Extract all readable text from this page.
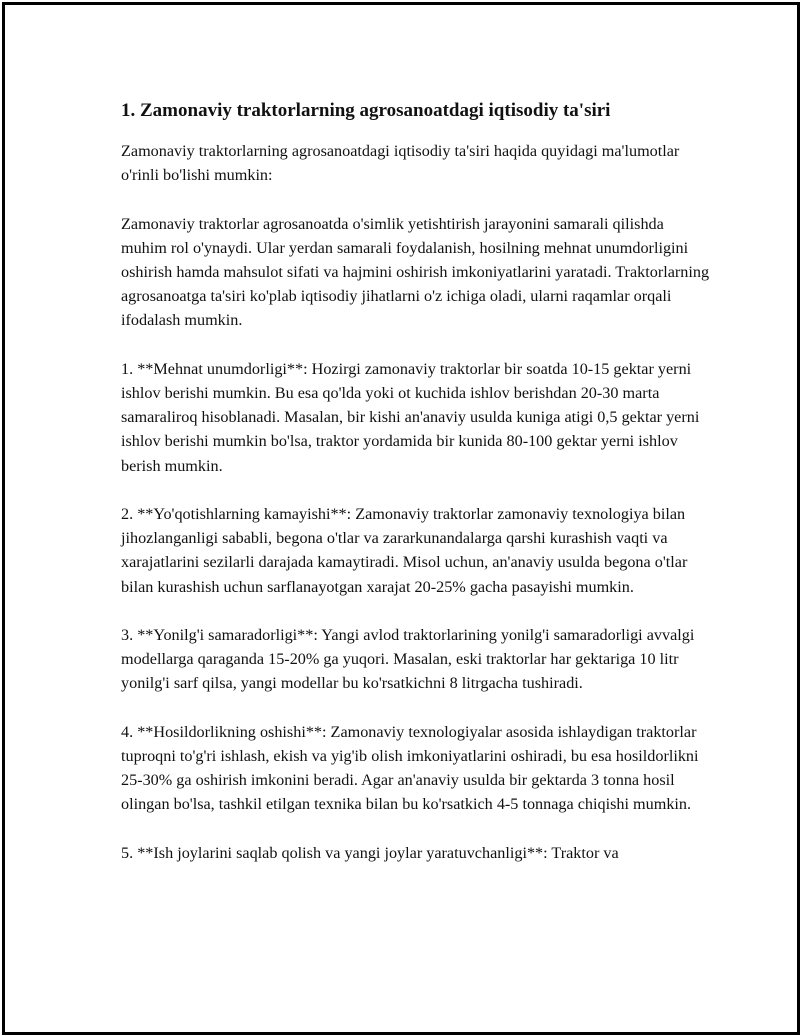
1. Zamonaviy traktorlarning agrosanoatdagi iqtisodiy ta'siri

Zamonaviy traktorlarning agrosanoatdagi iqtisodiy ta'siri haqida quyidagi ma'lumotlar o'rinli bo'lishi mumkin:

Zamonaviy traktorlar agrosanoatda o'simlik yetishtirish jarayonini samarali qilishda muhim rol o'ynaydi. Ular yerdan samarali foydalanish, hosilning mehnat unumdorligini oshirish hamda mahsulot sifati va hajmini oshirish imkoniyatlarini yaratadi. Traktorlarning agrosanoatga ta'siri ko'plab iqtisodiy jihatlarni o'z ichiga oladi, ularni raqamlar orqali ifodalash mumkin.

1. **Mehnat unumdorligi**: Hozirgi zamonaviy traktorlar bir soatda 10-15 gektar yerni ishlov berishi mumkin. Bu esa qo'lda yoki ot kuchida ishlov berishdan 20-30 marta samaraliroq hisoblanadi. Masalan, bir kishi an'anaviy usulda kuniga atigi 0,5 gektar yerni ishlov berishi mumkin bo'lsa, traktor yordamida bir kunida 80-100 gektar yerni ishlov berish mumkin.

2. **Yo'qotishlarning kamayishi**: Zamonaviy traktorlar zamonaviy texnologiya bilan jihozlanganligi sababli, begona o'tlar va zararkunandalarga qarshi kurashish vaqti va xarajatlarini sezilarli darajada kamaytiradi. Misol uchun, an'anaviy usulda begona o'tlar bilan kurashish uchun sarflanayotgan xarajat 20-25% gacha pasayishi mumkin.

3. **Yonilg'i samaradorligi**: Yangi avlod traktorlarining yonilg'i samaradorligi avvalgi modellarga qaraganda 15-20% ga yuqori. Masalan, eski traktorlar har gektariga 10 litr yonilg'i sarf qilsa, yangi modellar bu ko'rsatkichni 8 litrgacha tushiradi.

4. **Hosildorlikning oshishi**: Zamonaviy texnologiyalar asosida ishlaydigan traktorlar tuproqni to'g'ri ishlash, ekish va yig'ib olish imkoniyatlarini oshiradi, bu esa hosildorlikni 25-30% ga oshirish imkonini beradi. Agar an'anaviy usulda bir gektarda 3 tonna hosil olingan bo'lsa, tashkil etilgan texnika bilan bu ko'rsatkich 4-5 tonnaga chiqishi mumkin.

5. **Ish joylarini saqlab qolish va yangi joylar yaratuvchanligi**: Traktor va
